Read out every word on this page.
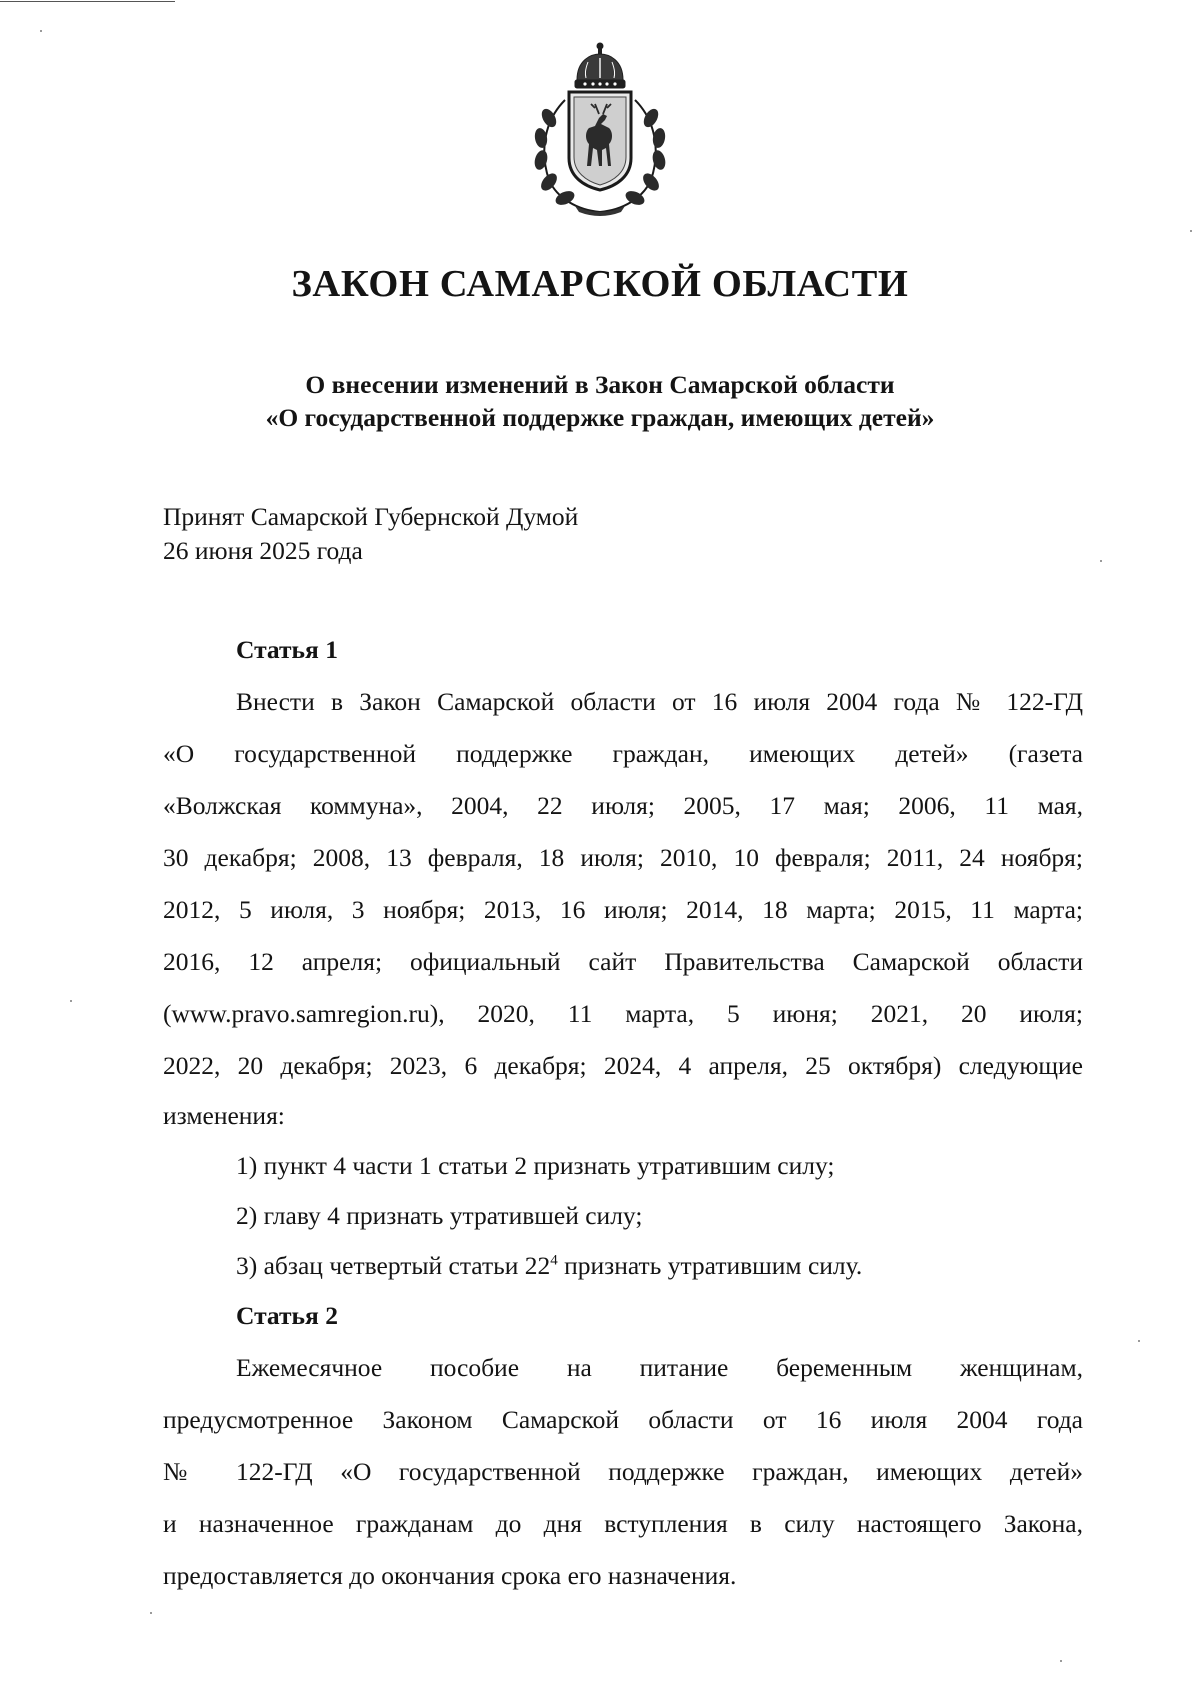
ЗАКОН САМАРСКОЙ ОБЛАСТИ
О внесении изменений в Закон Самарской области
«О государственной поддержке граждан, имеющих детей»
Принят Самарской Губернской Думой
26 июня 2025 года
Статья 1
Внести в Закон Самарской области от 16 июля 2004 года № 122-ГД
«О государственной поддержке граждан, имеющих детей» (газета
«Волжская коммуна», 2004, 22 июля; 2005, 17 мая; 2006, 11 мая,
30 декабря; 2008, 13 февраля, 18 июля; 2010, 10 февраля; 2011, 24 ноября;
2012, 5 июля, 3 ноября; 2013, 16 июля; 2014, 18 марта; 2015, 11 марта;
2016, 12 апреля; официальный сайт Правительства Самарской области
(www.pravo.samregion.ru), 2020, 11 марта, 5 июня; 2021, 20 июля;
2022, 20 декабря; 2023, 6 декабря; 2024, 4 апреля, 25 октября) следующие
изменения:
1) пункт 4 части 1 статьи 2 признать утратившим силу;
2) главу 4 признать утратившей силу;
3) абзац четвертый статьи $22^4$ признать утратившим силу.
Статья 2
Ежемесячное пособие на питание беременным женщинам,
предусмотренное Законом Самарской области от 16 июля 2004 года
№ 122-ГД «О государственной поддержке граждан, имеющих детей»
и назначенное гражданам до дня вступления в силу настоящего Закона,
предоставляется до окончания срока его назначения.
